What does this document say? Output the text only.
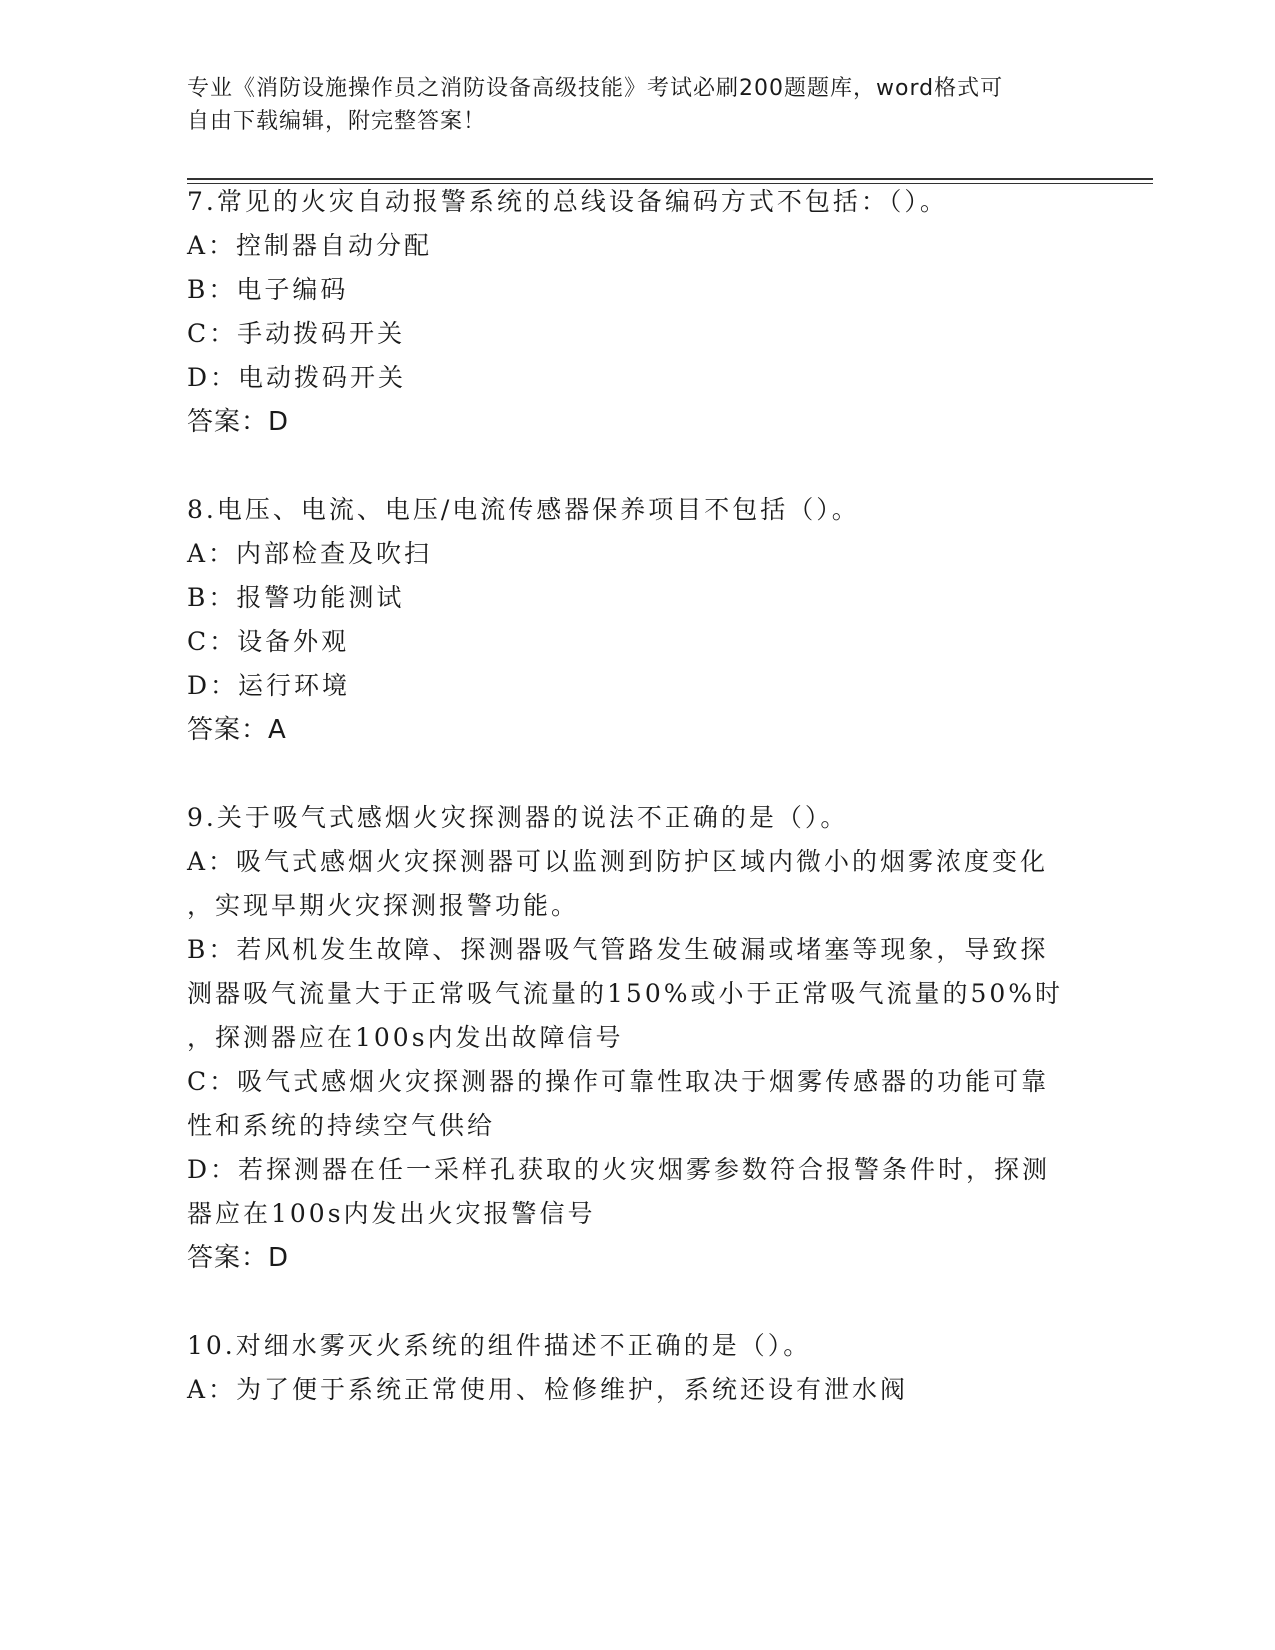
专业《消防设施操作员之消防设备高级技能》考试必刷200题题库，word格式可
自由下载编辑，附完整答案！
7.常见的火灾自动报警系统的总线设备编码方式不包括：（）。
A：控制器自动分配
B：电子编码
C：手动拨码开关
D：电动拨码开关
答案：D
8.电压、电流、电压/电流传感器保养项目不包括（）。
A：内部检查及吹扫
B：报警功能测试
C：设备外观
D：运行环境
答案：A
9.关于吸气式感烟火灾探测器的说法不正确的是（）。
A：吸气式感烟火灾探测器可以监测到防护区域内微小的烟雾浓度变化
，实现早期火灾探测报警功能。
B：若风机发生故障、探测器吸气管路发生破漏或堵塞等现象，导致探
测器吸气流量大于正常吸气流量的150%或小于正常吸气流量的50%时
，探测器应在100s内发出故障信号
C：吸气式感烟火灾探测器的操作可靠性取决于烟雾传感器的功能可靠
性和系统的持续空气供给
D：若探测器在任一采样孔获取的火灾烟雾参数符合报警条件时，探测
器应在100s内发出火灾报警信号
答案：D
10.对细水雾灭火系统的组件描述不正确的是（）。
A：为了便于系统正常使用、检修维护，系统还设有泄水阀
